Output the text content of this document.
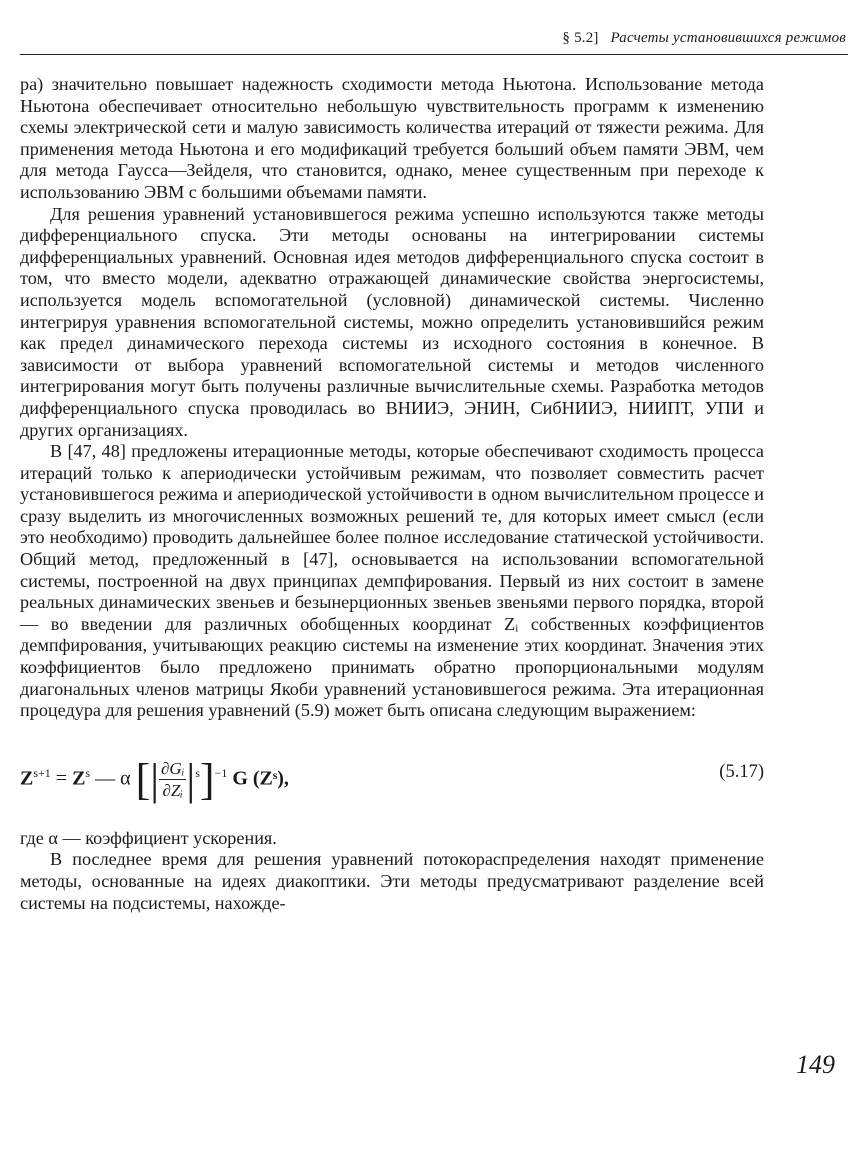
§ 5.2] Расчеты установившихся режимов

ра) значительно повышает надежность сходимости метода Ньютона. Использование метода Ньютона обеспечивает относительно небольшую чувствительность программ к изменению схемы электрической сети и малую зависимость количества итераций от тяжести режима. Для применения метода Ньютона и его модификаций требуется больший объем памяти ЭВМ, чем для метода Гаусса—Зейделя, что становится, однако, менее существенным при переходе к использованию ЭВМ с большими объемами памяти.

Для решения уравнений установившегося режима успешно используются также методы дифференциального спуска. Эти методы основаны на интегрировании системы дифференциальных уравнений. Основная идея методов дифференциального спуска состоит в том, что вместо модели, адекватно отражающей динамические свойства энергосистемы, используется модель вспомогательной (условной) динамической системы. Численно интегрируя уравнения вспомогательной системы, можно определить установившийся режим как предел динамического перехода системы из исходного состояния в конечное. В зависимости от выбора уравнений вспомогательной системы и методов численного интегрирования могут быть получены различные вычислительные схемы. Разработка методов дифференциального спуска проводилась во ВНИИЭ, ЭНИН, СибНИИЭ, НИИПТ, УПИ и других организациях.

В [47, 48] предложены итерационные методы, которые обеспечивают сходимость процесса итераций только к апериодически устойчивым режимам, что позволяет совместить расчет установившегося режима и апериодической устойчивости в одном вычислительном процессе и сразу выделить из многочисленных возможных решений те, для которых имеет смысл (если это необходимо) проводить дальнейшее более полное исследование статической устойчивости. Общий метод, предложенный в [47], основывается на использовании вспомогательной системы, построенной на двух принципах демпфирования. Первый из них состоит в замене реальных динамических звеньев и безынерционных звеньев звеньями первого порядка, второй — во введении для различных обобщенных координат Zᵢ собственных коэффициентов демпфирования, учитывающих реакцию системы на изменение этих координат. Значения этих коэффициентов было предложено принимать обратно пропорциональными модулям диагональных членов матрицы Якоби уравнений установившегося режима. Эта итерационная процедура для решения уравнений (5.9) может быть описана следующим выражением:

$Z^{s+1} = Z^s$ — α [| $\frac{\text{∂Gᵢ}}{\text{∂Zᵢ}} |^s]^{-1}$ G (Zˢ),	(5.17)

где α — коэффициент ускорения.

В последнее время для решения уравнений потокораспределения находят применение методы, основанные на идеях диакоптики. Эти методы предусматривают разделение всей системы на подсистемы, нахожде-

149
